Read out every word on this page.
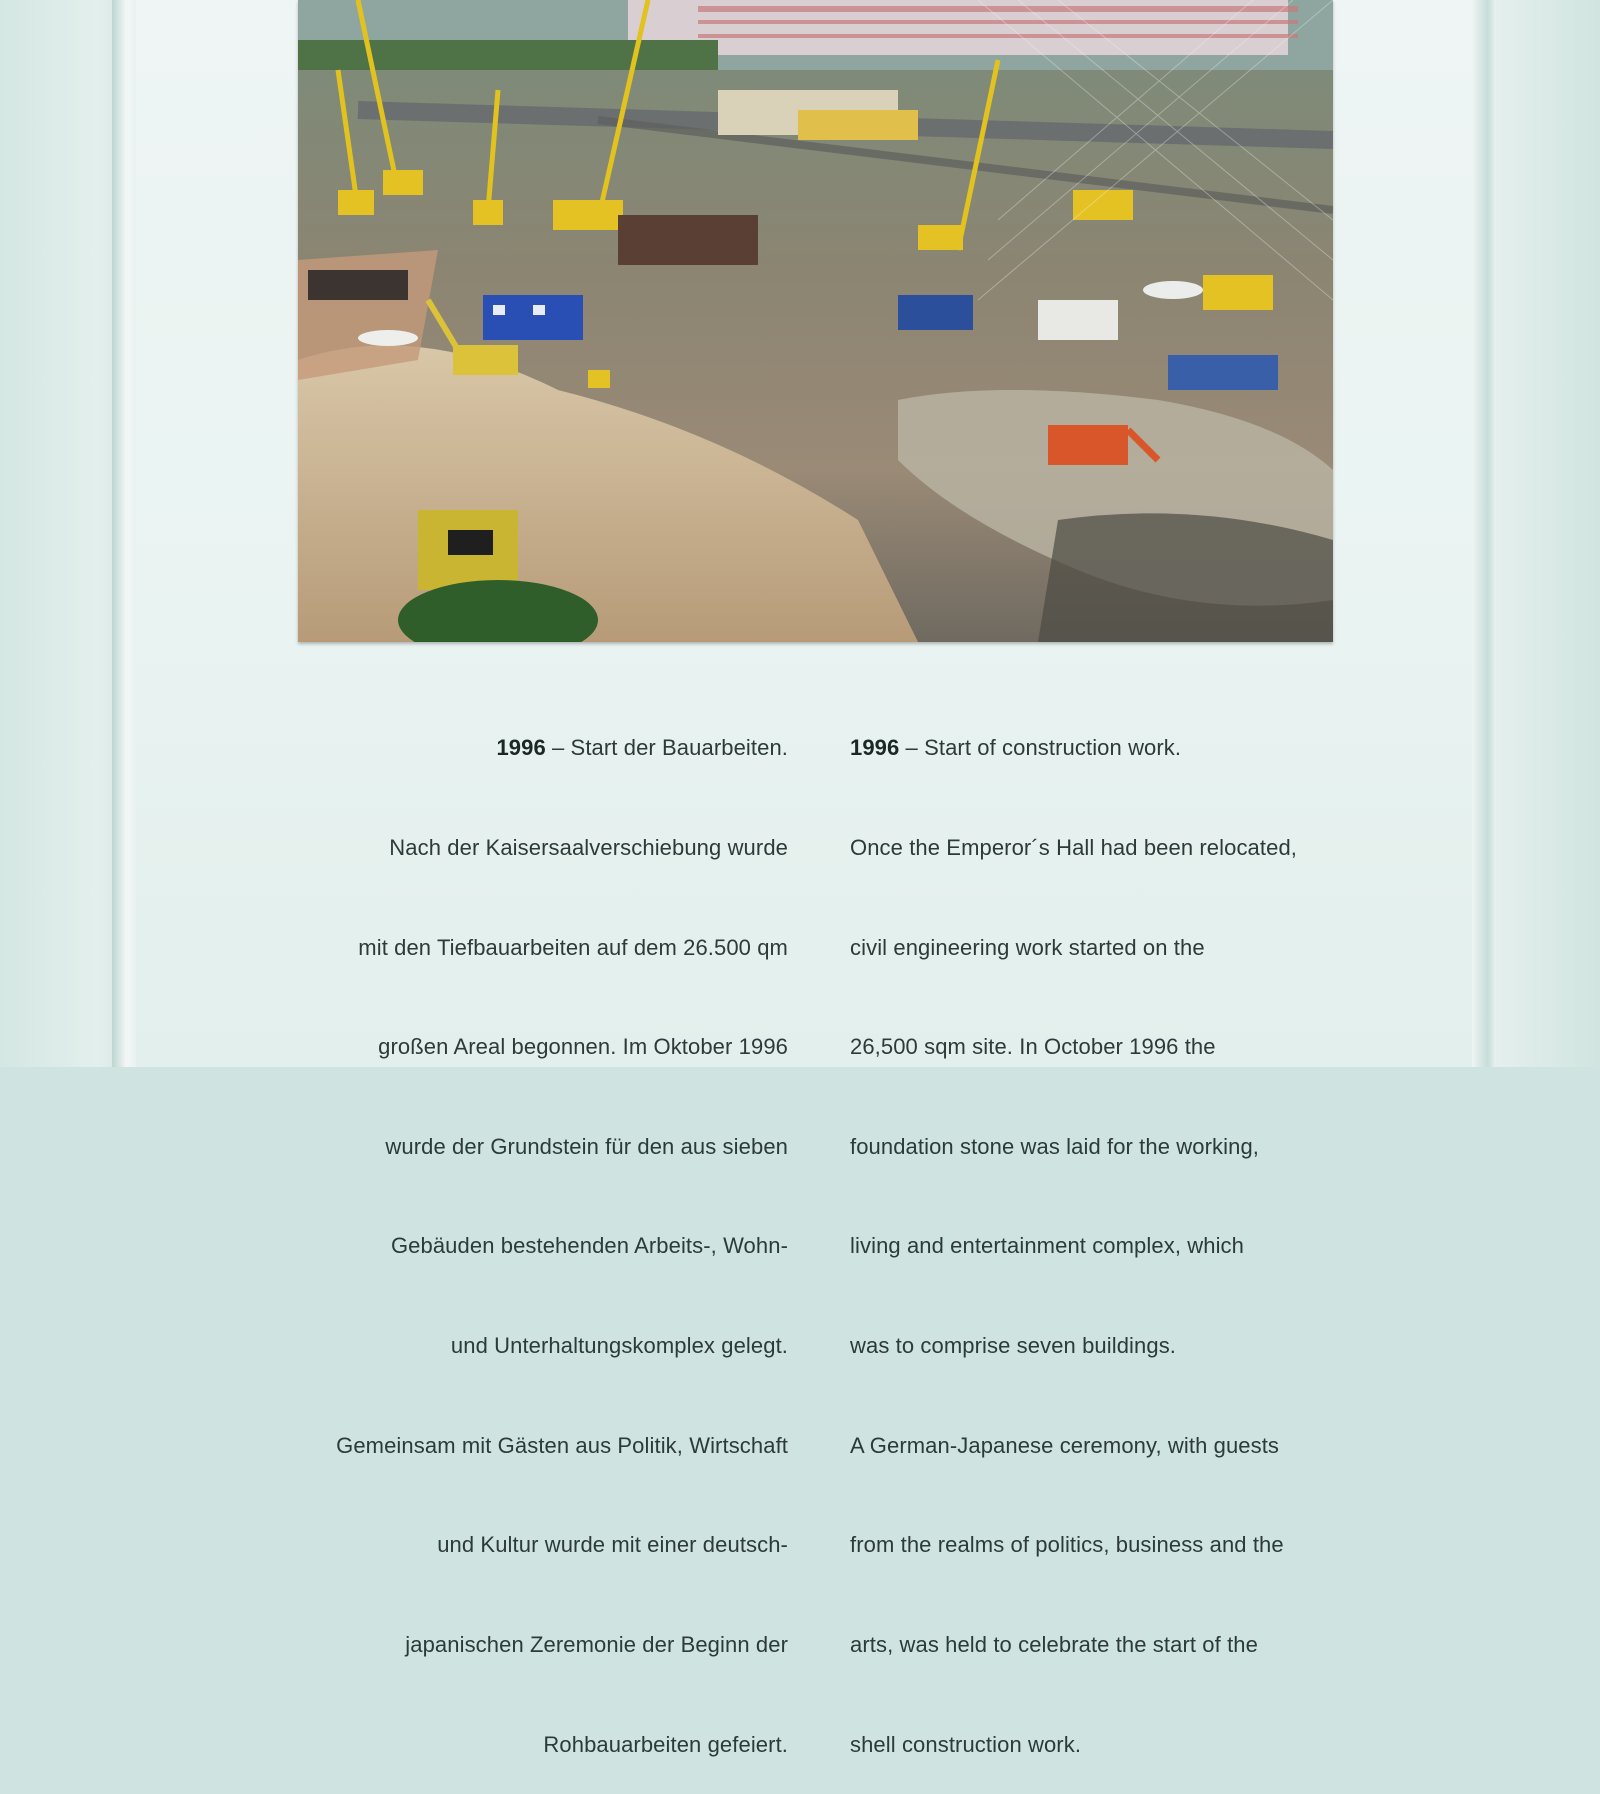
1996 – Start der Bauarbeiten.

Nach der Kaisersaalverschiebung wurde

mit den Tiefbauarbeiten auf dem 26.500 qm

großen Areal begonnen. Im Oktober 1996

wurde der Grundstein für den aus sieben

Gebäuden bestehenden Arbeits-, Wohn-

und Unterhaltungskomplex gelegt.

Gemeinsam mit Gästen aus Politik, Wirtschaft

und Kultur wurde mit einer deutsch-

japanischen Zeremonie der Beginn der

Rohbauarbeiten gefeiert.

1996 – Start of construction work.

Once the Emperor´s Hall had been relocated,

civil engineering work started on the

26,500 sqm site. In October 1996 the

foundation stone was laid for the working,

living and entertainment complex, which

was to comprise seven buildings.

A German-Japanese ceremony, with guests

from the realms of politics, business and the

arts, was held to celebrate the start of the

shell construction work.
